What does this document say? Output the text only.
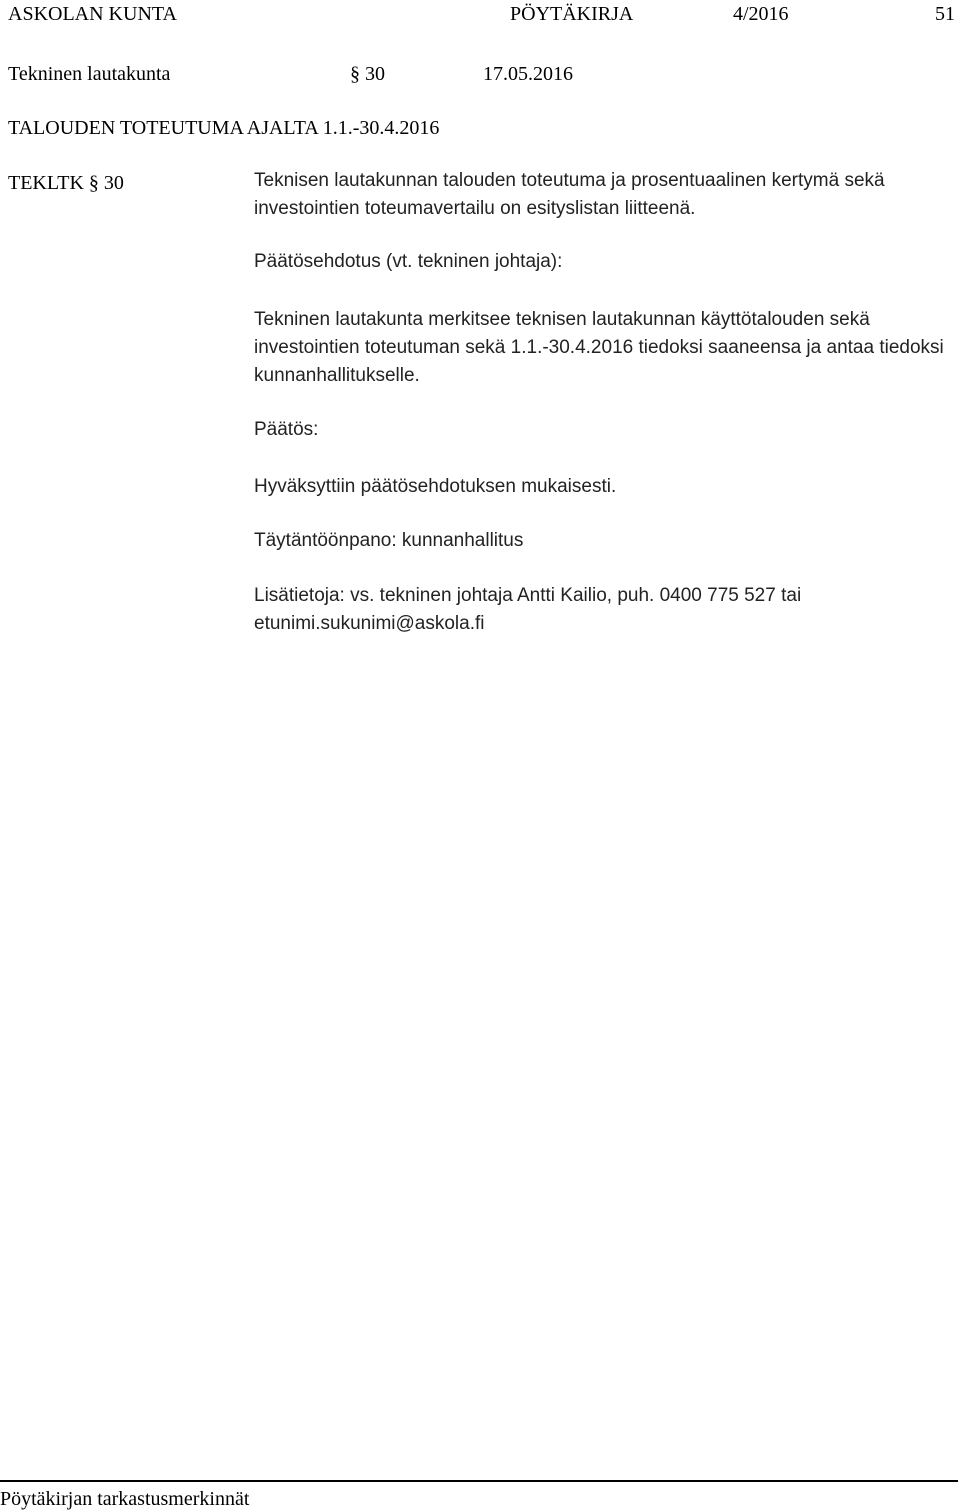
ASKOLAN KUNTA	PÖYTÄKIRJA	4/2016	51
Tekninen lautakunta	§ 30	17.05.2016
TALOUDEN TOTEUTUMA AJALTA 1.1.-30.4.2016
TEKLTK § 30	Teknisen lautakunnan talouden toteutuma ja prosentuaalinen kertymä sekä investointien toteumavertailu on esityslistan liitteenä.

Päätösehdotus (vt. tekninen johtaja):

Tekninen lautakunta merkitsee teknisen lautakunnan käyttötalouden sekä investointien toteutuman sekä 1.1.-30.4.2016 tiedoksi saaneensa ja antaa tiedoksi kunnanhallitukselle.

Päätös:

Hyväksyttiin päätösehdotuksen mukaisesti.

Täytäntöönpano: kunnanhallitus

Lisätietoja: vs. tekninen johtaja Antti Kailio, puh. 0400 775 527 tai etunimi.sukunimi@askola.fi

Pöytäkirjan tarkastusmerkinnät
